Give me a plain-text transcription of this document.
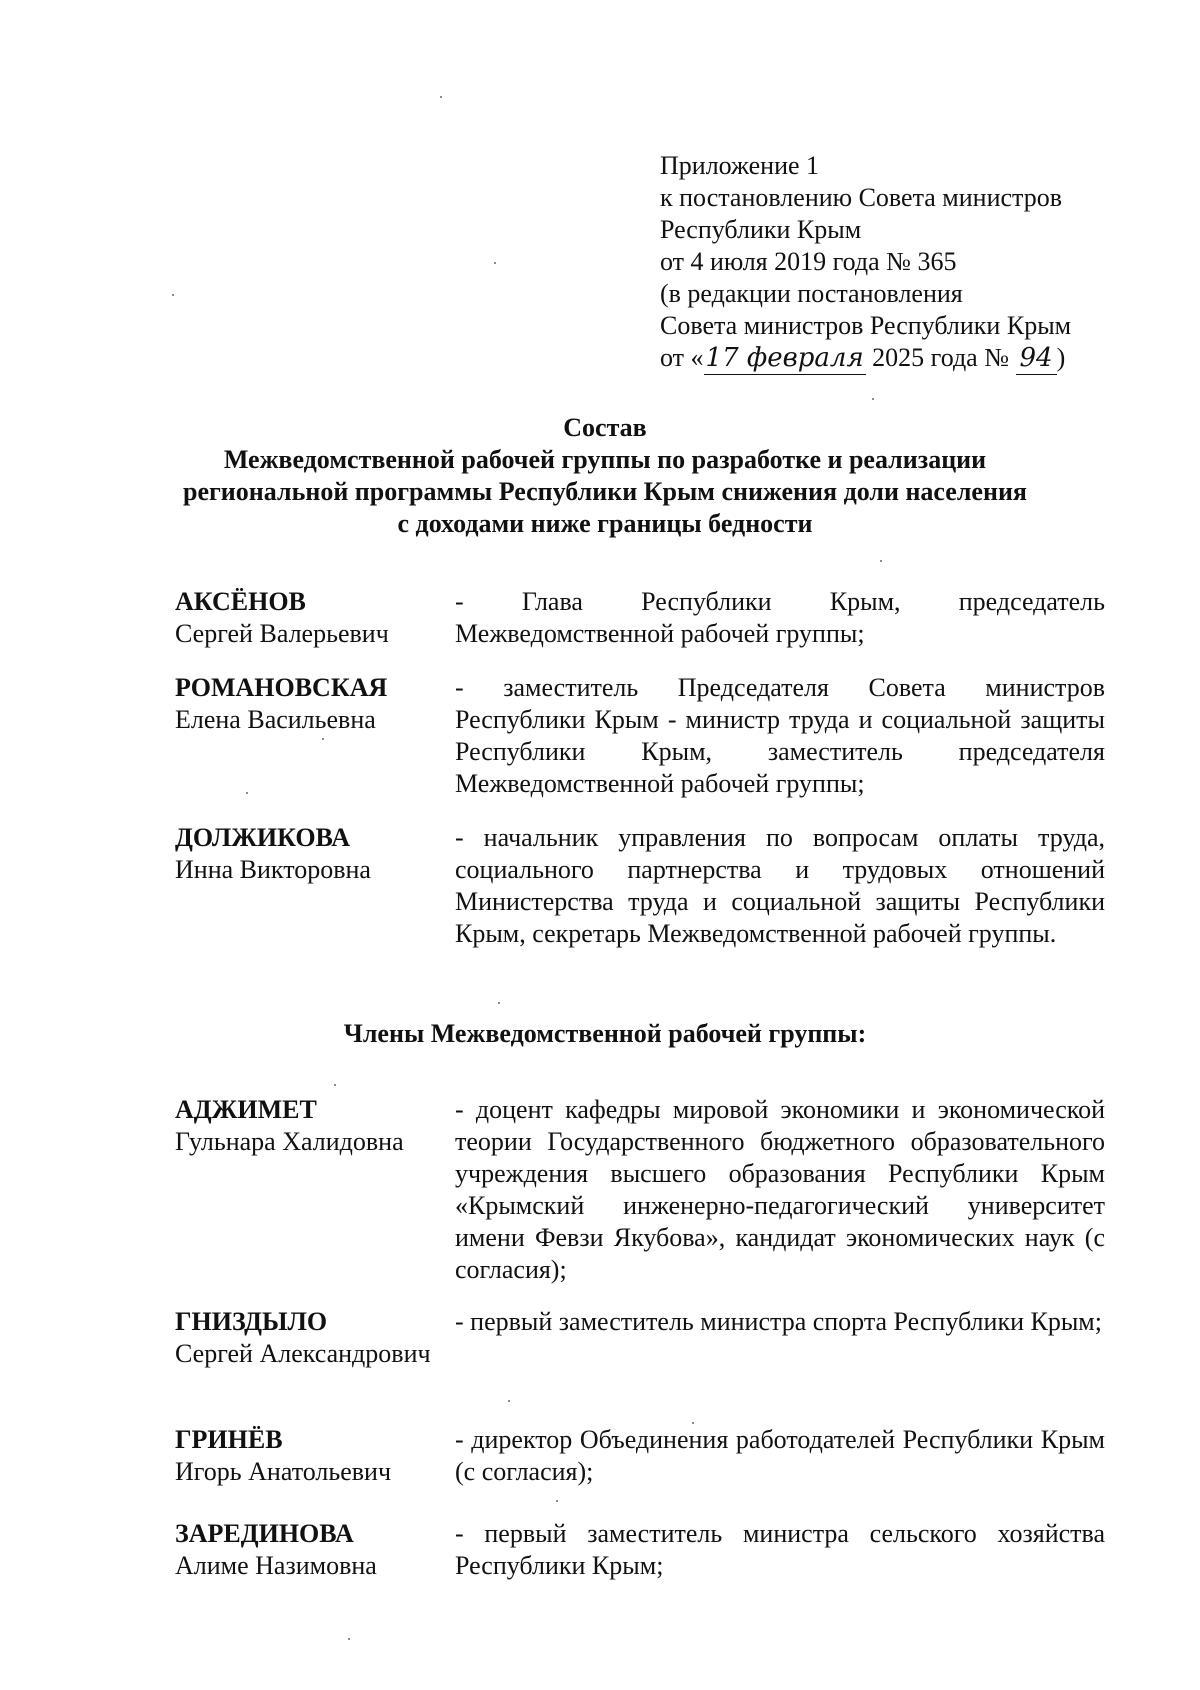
Приложение 1
к постановлению Совета министров
Республики Крым
от 4 июля 2019 года № 365
(в редакции постановления
Совета министров Республики Крым
от «17 февраля 2025 года № 94 )
Состав
Межведомственной рабочей группы по разработке и реализации
региональной программы Республики Крым снижения доли населения
с доходами ниже границы бедности
АКСЁНОВ
Сергей Валерьевич
- Глава Республики Крым, председатель Межведомственной рабочей группы;
РОМАНОВСКАЯ
Елена Васильевна
- заместитель Председателя Совета министров Республики Крым - министр труда и социальной защиты Республики Крым, заместитель председателя Межведомственной рабочей группы;
ДОЛЖИКОВА
Инна Викторовна
- начальник управления по вопросам оплаты труда, социального партнерства и трудовых отношений Министерства труда и социальной защиты Республики Крым, секретарь Межведомственной рабочей группы.
Члены Межведомственной рабочей группы:
АДЖИМЕТ
Гульнара Халидовна
- доцент кафедры мировой экономики и экономической теории Государственного бюджетного образовательного учреждения высшего образования Республики Крым «Крымский инженерно-педагогический университет имени Февзи Якубова», кандидат экономических наук (с согласия);
ГНИЗДЫЛО
Сергей Александрович
- первый заместитель министра спорта Республики Крым;
ГРИНЁВ
Игорь Анатольевич
- директор Объединения работодателей Республики Крым (с согласия);
ЗАРЕДИНОВА
Алиме Назимовна
- первый заместитель министра сельского хозяйства Республики Крым;
